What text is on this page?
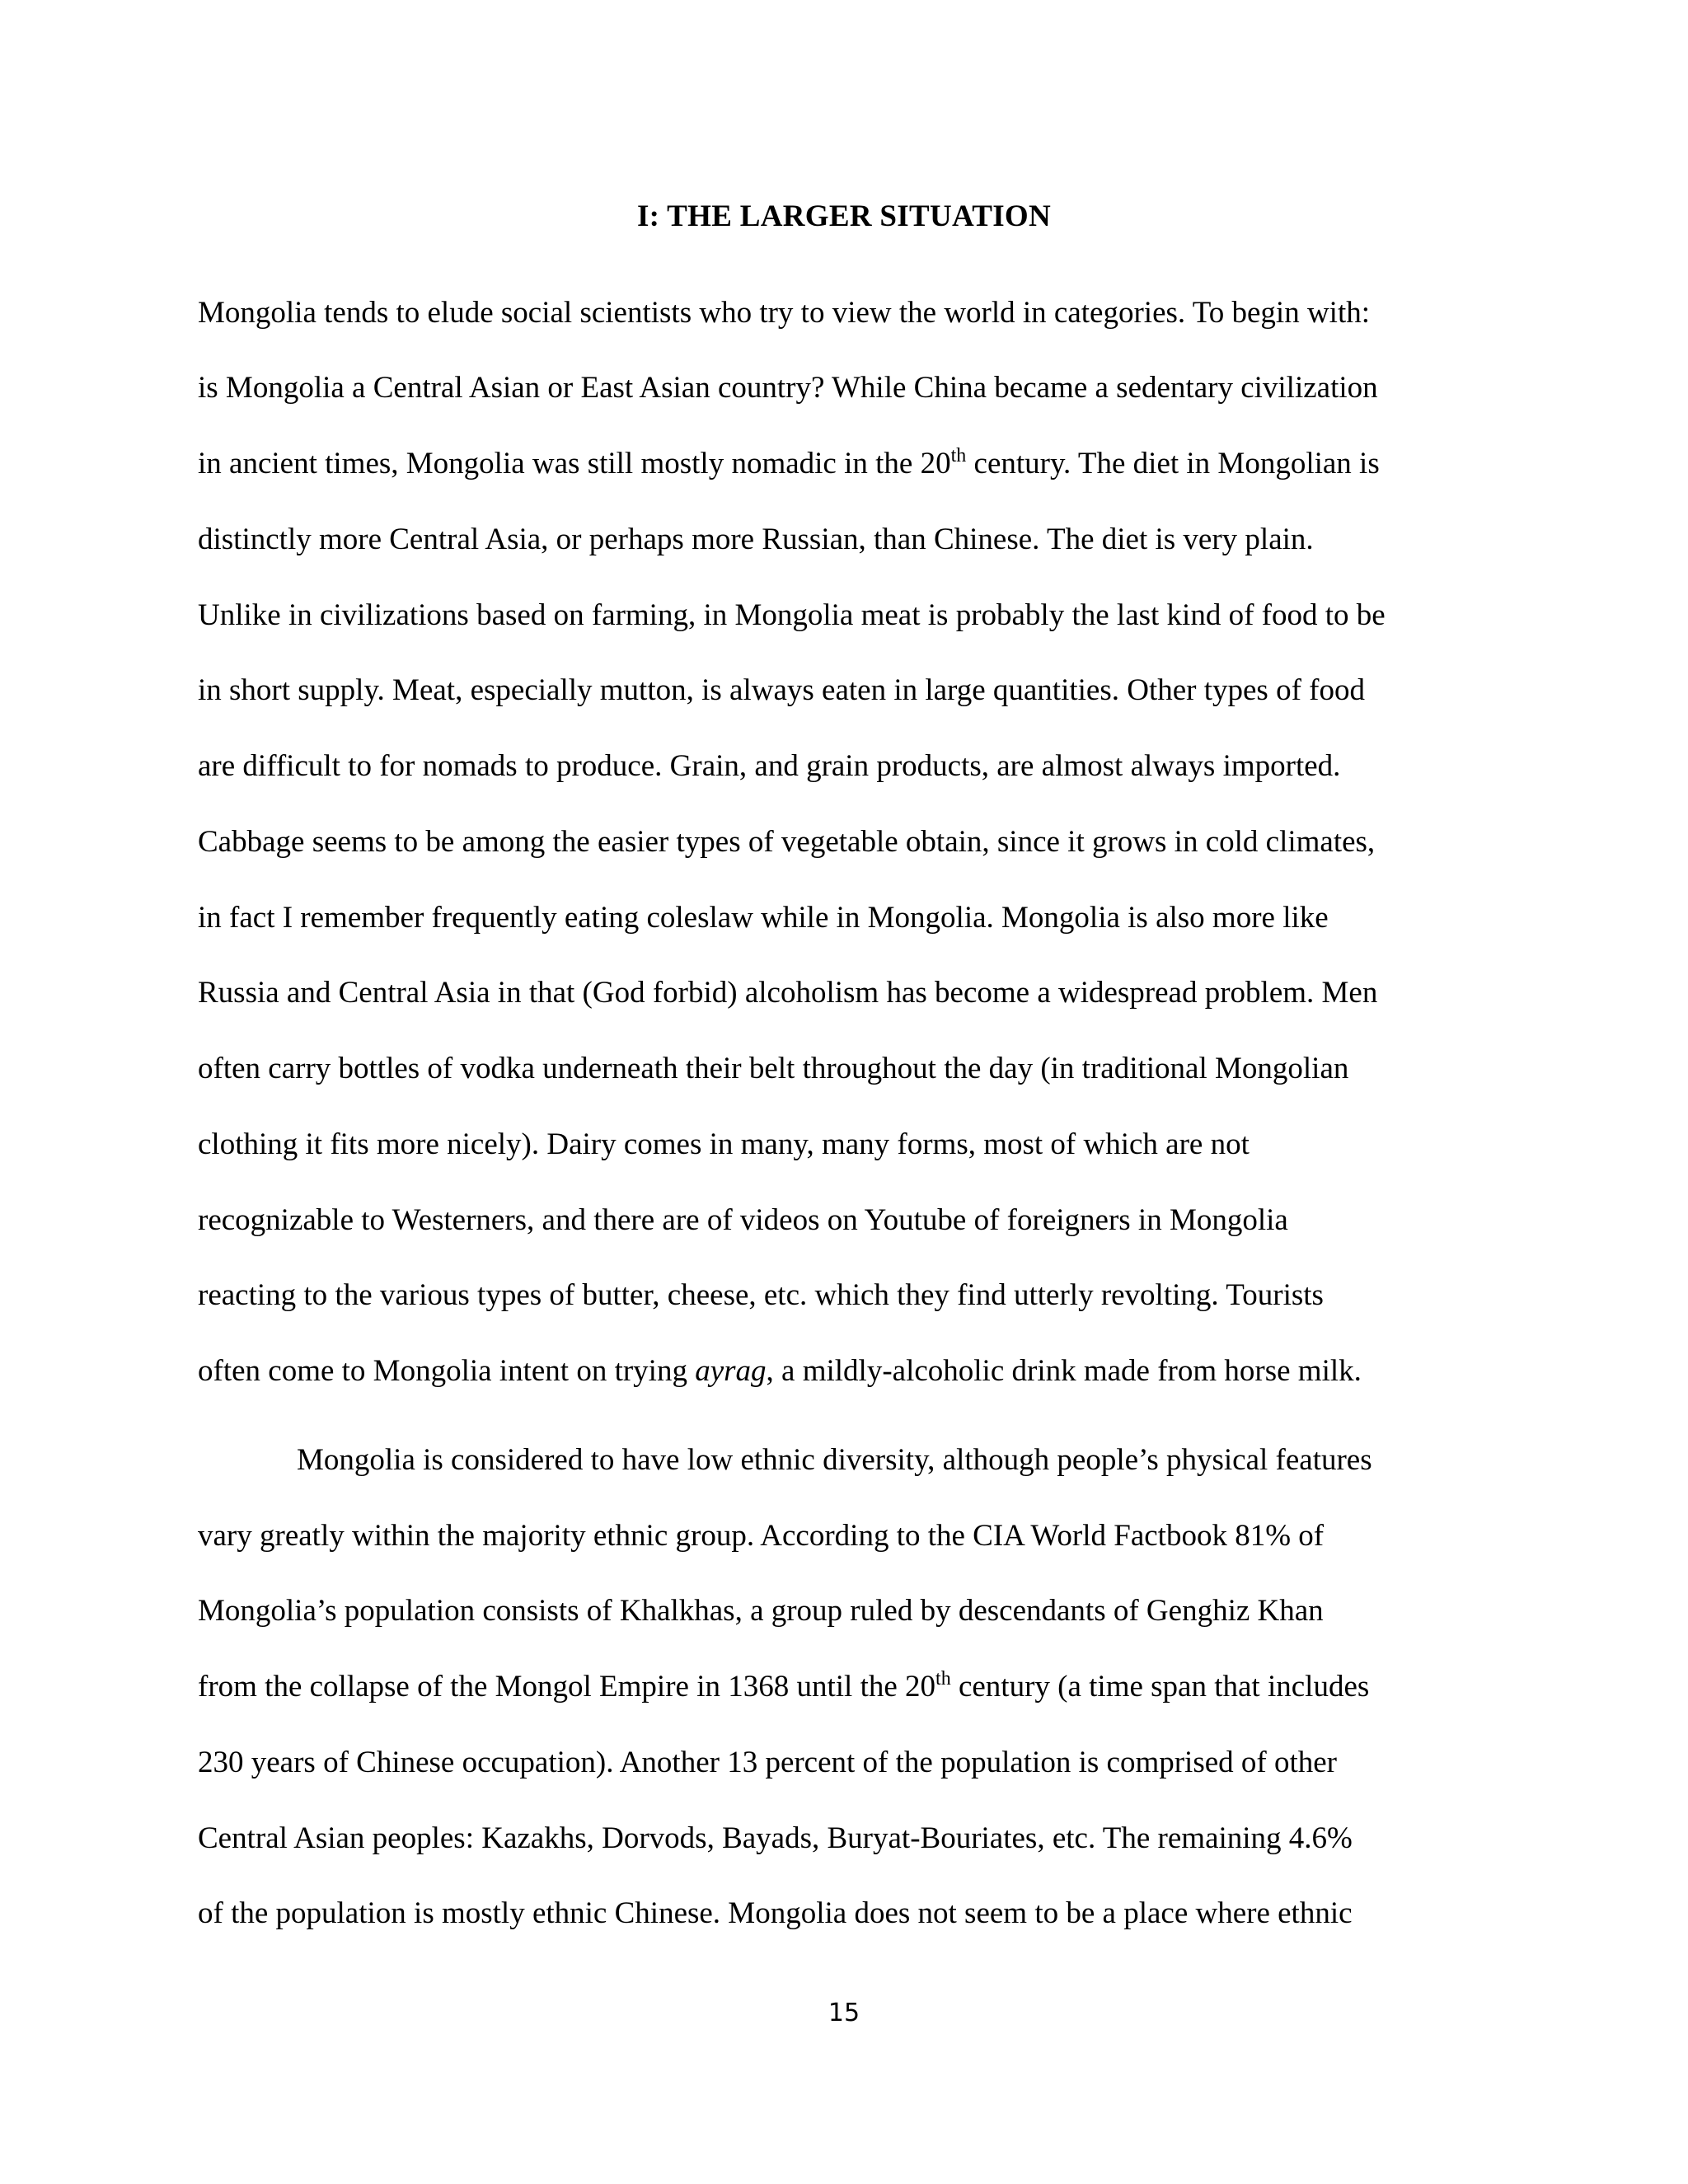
I: THE LARGER SITUATION
Mongolia tends to elude social scientists who try to view the world in categories. To begin with:
is Mongolia a Central Asian or East Asian country? While China became a sedentary civilization
in ancient times, Mongolia was still mostly nomadic in the 20th century. The diet in Mongolian is
distinctly more Central Asia, or perhaps more Russian, than Chinese. The diet is very plain.
Unlike in civilizations based on farming, in Mongolia meat is probably the last kind of food to be
in short supply. Meat, especially mutton, is always eaten in large quantities. Other types of food
are difficult to for nomads to produce. Grain, and grain products, are almost always imported.
Cabbage seems to be among the easier types of vegetable obtain, since it grows in cold climates,
in fact I remember frequently eating coleslaw while in Mongolia. Mongolia is also more like
Russia and Central Asia in that (God forbid) alcoholism has become a widespread problem. Men
often carry bottles of vodka underneath their belt throughout the day (in traditional Mongolian
clothing it fits more nicely). Dairy comes in many, many forms, most of which are not
recognizable to Westerners, and there are of videos on Youtube of foreigners in Mongolia
reacting to the various types of butter, cheese, etc. which they find utterly revolting. Tourists
often come to Mongolia intent on trying ayrag, a mildly-alcoholic drink made from horse milk.
Mongolia is considered to have low ethnic diversity, although people’s physical features
vary greatly within the majority ethnic group. According to the CIA World Factbook 81% of
Mongolia’s population consists of Khalkhas, a group ruled by descendants of Genghiz Khan
from the collapse of the Mongol Empire in 1368 until the 20th century (a time span that includes
230 years of Chinese occupation). Another 13 percent of the population is comprised of other
Central Asian peoples: Kazakhs, Dorvods, Bayads, Buryat-Bouriates, etc. The remaining 4.6%
of the population is mostly ethnic Chinese. Mongolia does not seem to be a place where ethnic
15
